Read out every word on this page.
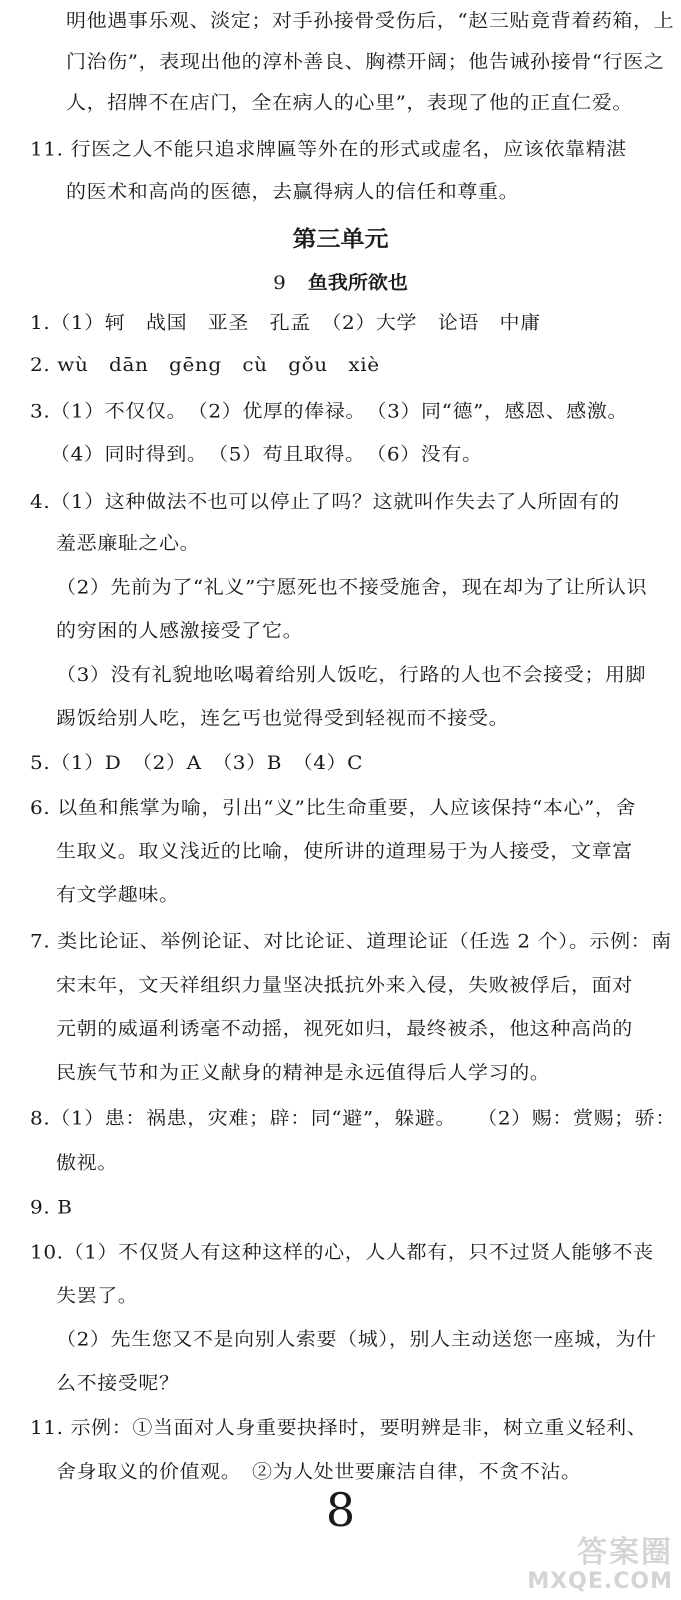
明他遇事乐观、淡定；对手孙接骨受伤后，“赵三贴竟背着药箱，上
门治伤”，表现出他的淳朴善良、胸襟开阔；他告诫孙接骨“行医之
人，招牌不在店门，全在病人的心里”，表现了他的正直仁爱。
11. 行医之人不能只追求牌匾等外在的形式或虚名，应该依靠精湛
的医术和高尚的医德，去赢得病人的信任和尊重。
第三单元
9 鱼我所欲也
1.（1）轲　战国　亚圣　孔孟　（2）大学　论语　中庸
2. wù　dān　gēng　cù　gǒu　xiè
3.（1）不仅仅。　（2）优厚的俸禄。　（3）同“德”，感恩、感激。
（4）同时得到。　（5）苟且取得。　（6）没有。
4.（1）这种做法不也可以停止了吗？这就叫作失去了人所固有的
羞恶廉耻之心。
（2）先前为了“礼义”宁愿死也不接受施舍，现在却为了让所认识
的穷困的人感激接受了它。
（3）没有礼貌地吆喝着给别人饭吃，行路的人也不会接受；用脚
踢饭给别人吃，连乞丐也觉得受到轻视而不接受。
5.（1）D　（2）A　（3）B　（4）C
6. 以鱼和熊掌为喻，引出“义”比生命重要，人应该保持“本心”，舍
生取义。取义浅近的比喻，使所讲的道理易于为人接受，文章富
有文学趣味。
7. 类比论证、举例论证、对比论证、道理论证（任选 2 个）。示例：南
宋末年，文天祥组织力量坚决抵抗外来入侵，失败被俘后，面对
元朝的威逼利诱毫不动摇，视死如归，最终被杀，他这种高尚的
民族气节和为正义献身的精神是永远值得后人学习的。
8.（1）患：祸患，灾难；辟：同“避”，躲避。　　（2）赐：赏赐；骄：
傲视。
9. B
10.（1）不仅贤人有这种这样的心，人人都有，只不过贤人能够不丧
失罢了。
（2）先生您又不是向别人索要（城），别人主动送您一座城，为什
么不接受呢？
11. 示例：①当面对人身重要抉择时，要明辨是非，树立重义轻利、
舍身取义的价值观。　②为人处世要廉洁自律，不贪不沾。
8
答案圈
MXQE.COM
